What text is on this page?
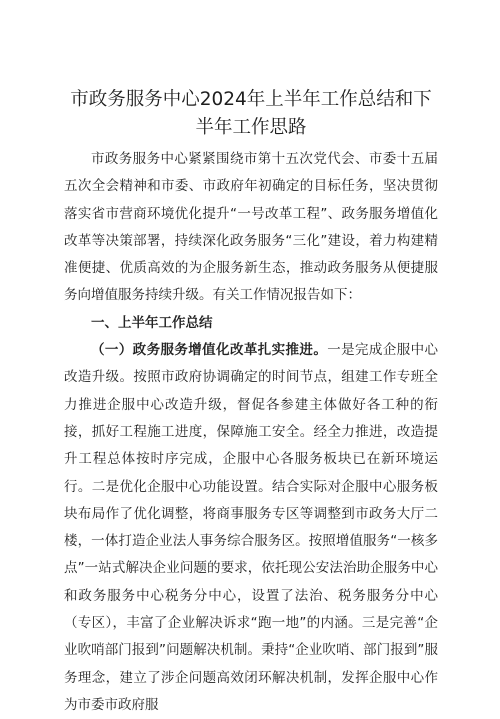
市政务服务中心2024年上半年工作总结和下
半年工作思路

市政务服务中心紧紧围绕市第十五次党代会、市委十五届五次全会精神和市委、市政府年初确定的目标任务，坚决贯彻落实省市营商环境优化提升“一号改革工程”、政务服务增值化改革等决策部署，持续深化政务服务“三化”建设，着力构建精准便捷、优质高效的为企服务新生态，推动政务服务从便捷服务向增值服务持续升级。有关工作情况报告如下：

一、上半年工作总结

（一）政务服务增值化改革扎实推进。一是完成企服中心改造升级。按照市政府协调确定的时间节点，组建工作专班全力推进企服中心改造升级，督促各参建主体做好各工种的衔接，抓好工程施工进度，保障施工安全。经全力推进，改造提升工程总体按时序完成，企服中心各服务板块已在新环境运行。二是优化企服中心功能设置。结合实际对企服中心服务板块布局作了优化调整，将商事服务专区等调整到市政务大厅二楼，一体打造企业法人事务综合服务区。按照增值服务“一核多点”一站式解决企业问题的要求，依托现公安法治助企服务中心和政务服务中心税务分中心，设置了法治、税务服务分中心（专区），丰富了企业解决诉求“跑一地”的内涵。三是完善“企业吹哨部门报到”问题解决机制。秉持“企业吹哨、部门报到”服务理念，建立了涉企问题高效闭环解决机制，发挥企服中心作为市委市政府服
